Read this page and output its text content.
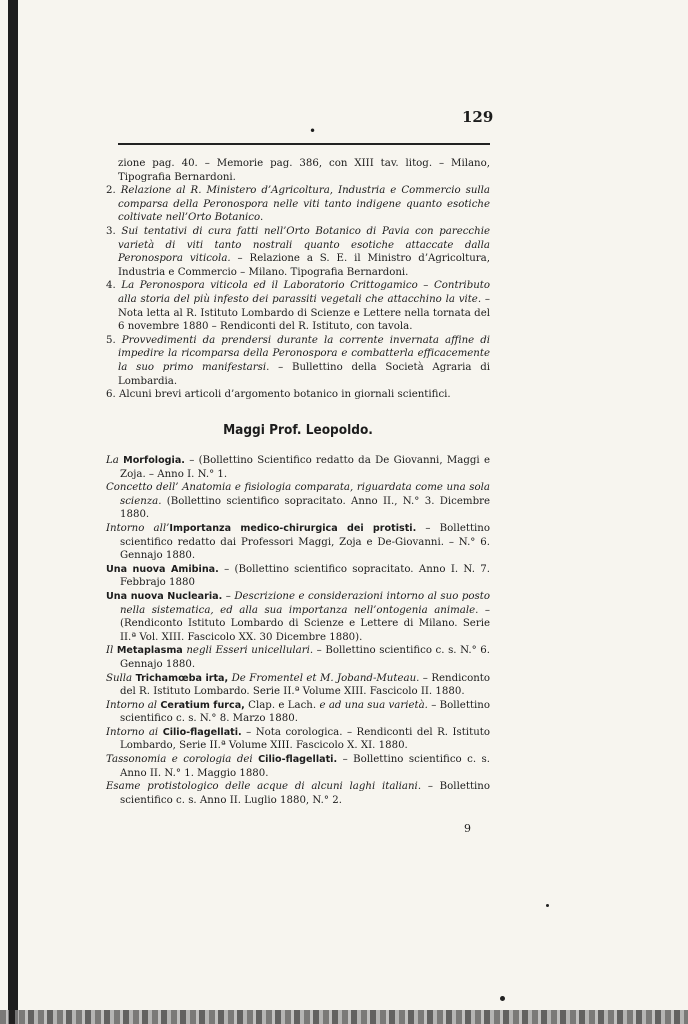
129
•

zione pag. 40. – Memorie pag. 386, con XIII tav. litog. – Milano, Tipografia Bernardoni.

2. Relazione al R. Ministero d’Agricoltura, Industria e Commercio sulla comparsa della Peronospora nelle viti tanto indigene quanto esotiche coltivate nell’Orto Botanico.

3. Sui tentativi di cura fatti nell’Orto Botanico di Pavia con parecchie varietà di viti tanto nostrali quanto esotiche attaccate dalla Peronospora viticola. – Relazione a S. E. il Ministro d’Agricoltura, Industria e Commercio – Milano. Tipografia Bernardoni.

4. La Peronospora viticola ed il Laboratorio Crittogamico – Contributo alla storia del più infesto dei parassiti vegetali che attacchino la vite. – Nota letta al R. Istituto Lombardo di Scienze e Lettere nella tornata del 6 novembre 1880 – Rendiconti del R. Istituto, con tavola.

5. Provvedimenti da prendersi durante la corrente invernata affine di impedire la ricomparsa della Peronospora e combatterla efficacemente la suo primo manifestarsi. – Bullettino della Società Agraria di Lombardia.

6. Alcuni brevi articoli d’argomento botanico in giornali scientifici.

Maggi Prof. Leopoldo.

La Morfologia. – (Bollettino Scientifico redatto da De Giovanni, Maggi e Zoja. – Anno I. N.° 1.

Concetto dell’ Anatomia e fisiologia comparata, riguardata come una sola scienza. (Bollettino scientifico sopracitato. Anno II., N.° 3. Dicembre 1880.

Intorno all’Importanza medico-chirurgica dei protisti. – Bollettino scientifico redatto dai Professori Maggi, Zoja e De-Giovanni. – N.° 6. Gennajo 1880.

Una nuova Amibina. – (Bollettino scientifico sopracitato. Anno I. N. 7. Febbrajo 1880

Una nuova Nuclearia. – Descrizione e considerazioni intorno al suo posto nella sistematica, ed alla sua importanza nell’ontogenia animale. – (Rendiconto Istituto Lombardo di Scienze e Lettere di Milano. Serie II.ª Vol. XIII. Fascicolo XX. 30 Dicembre 1880).

Il Metaplasma negli Esseri unicellulari. – Bollettino scientifico c. s. N.° 6. Gennajo 1880.

Sulla Trichamœba irta, De Fromentel et M. Joband-Muteau. – Rendiconto del R. Istituto Lombardo. Serie II.ª Volume XIII. Fascicolo II. 1880.

Intorno al Ceratium furca, Clap. e Lach. e ad una sua varietà. – Bollettino scientifico c. s. N.° 8. Marzo 1880.

Intorno ai Cilio-flagellati. – Nota corologica. – Rendiconti del R. Istituto Lombardo, Serie II.ª Volume XIII. Fascicolo X. XI. 1880.

Tassonomia e corologia dei Cilio-flagellati. – Bollettino scientifico c. s. Anno II. N.° 1. Maggio 1880.

Esame protistologico delle acque di alcuni laghi italiani. – Bollettino scientifico c. s. Anno II. Luglio 1880, N.° 2.

9
